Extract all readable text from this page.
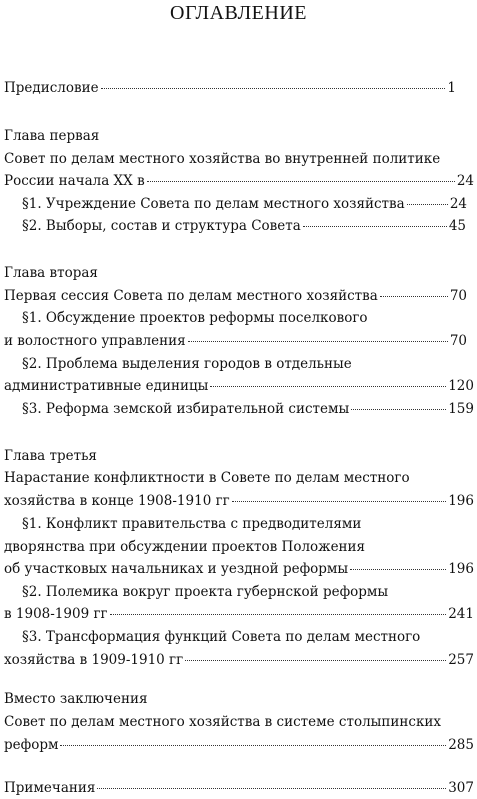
ОГЛАВЛЕНИЕ
Предисловие	1
Глава первая
Совет по делам местного хозяйства во внутренней политике
России начала XX в	24
§1. Учреждение Совета по делам местного хозяйства	24
§2. Выборы, состав и структура Совета	45
Глава вторая
Первая сессия Совета по делам местного хозяйства	70
§1. Обсуждение проектов реформы поселкового
и волостного управления	70
§2. Проблема выделения городов в отдельные
административные единицы	120
§3. Реформа земской избирательной системы	159
Глава третья
Нарастание конфликтности в Совете по делам местного
хозяйства в конце 1908-1910 гг	196
§1. Конфликт правительства с предводителями
дворянства при обсуждении проектов Положения
об участковых начальниках и уездной реформы	196
§2. Полемика вокруг проекта губернской реформы
в 1908-1909 гг	241
§3. Трансформация функций Совета по делам местного
хозяйства в 1909-1910 гг	257
Вместо заключения
Совет по делам местного хозяйства в системе столыпинских
реформ	285
Примечания	307
